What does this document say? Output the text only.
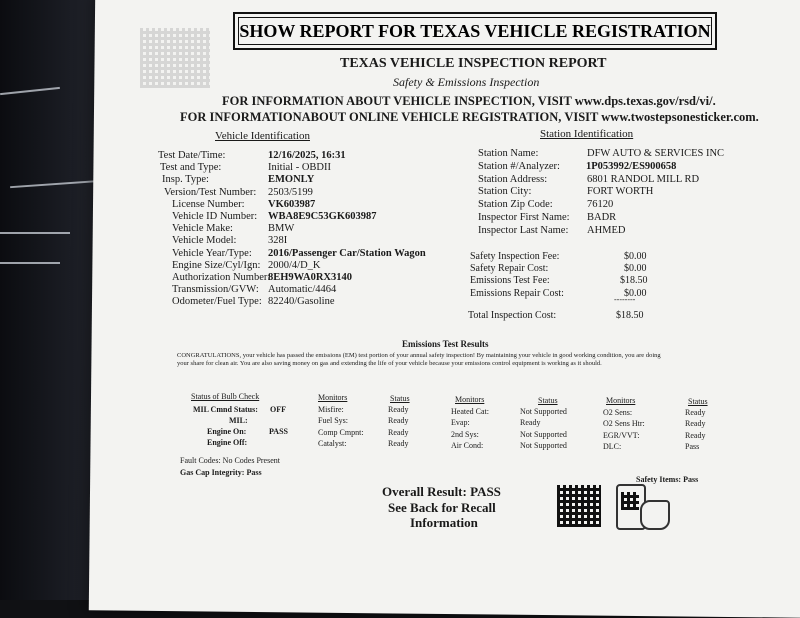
SHOW REPORT FOR TEXAS VEHICLE REGISTRATION
TEXAS VEHICLE INSPECTION REPORT
Safety & Emissions Inspection
FOR INFORMATION ABOUT VEHICLE INSPECTION, VISIT www.dps.texas.gov/rsd/vi/.
FOR INFORMATIONABOUT ONLINE VEHICLE REGISTRATION, VISIT www.twostepsonesticker.com.
Vehicle Identification	Station Identification
Test Date/Time:	12/16/2025, 16:31
Test and Type:	Initial - OBDII
Insp. Type:	EMONLY
Version/Test Number: 2503/5199
License Number: VK603987
Vehicle ID Number: WBA8E9C53GK603987
Vehicle Make:	BMW
Vehicle Model:	328I
Vehicle Year/Type: 2016/Passenger Car/Station Wagon
Engine Size/Cyl/Ign: 2000/4/D_K
Authorization Number:
8EH9WA0RX3140
Transmission/GVW: Automatic/4464
Odometer/Fuel Type: 82240/Gasoline
Station Name:	DFW AUTO & SERVICES INC
Station #/Analyzer: 1P053992/ES900658
Station Address:	6801 RANDOL MILL RD
Station City:	FORT WORTH
Station Zip Code:	76120
Inspector First Name: BADR
Inspector Last Name: AHMED
Safety Inspection Fee:	$0.00
Safety Repair Cost:	$0.00
Emissions Test Fee:	$18.50
Emissions Repair Cost:	$0.00
--------
Total Inspection Cost:	$18.50
Emissions Test Results
CONGRATULATIONS, your vehicle has passed the emissions (EM) test portion of your annual safety inspection! By maintaining your vehicle in good working condition, you are doing
your share for clean air. You are also saving money on gas and extending the life of your vehicle because your emissions control equipment is working as it should.
Status of Bulb Check	Monitors	Status	Monitors	Status	Monitors	Status
MIL Cmnd Status: OFF
MIL:
Engine On:	PASS
Engine Off:
Misfire:	Ready
Fuel Sys:	Ready
Comp Cmpnt:	Ready
Catalyst:	Ready
Heated Cat:	Not Supported
Evap:	Ready
2nd Sys:	Not Supported
Air Cond:	Not Supported
O2 Sens:	Ready
O2 Sens Htr:	Ready
EGR/VVT:	Ready
DLC:	Pass
Fault Codes: No Codes Present
Gas Cap Integrity: Pass
Overall Result: PASS
See Back for Recall
Information
Safety Items: Pass
